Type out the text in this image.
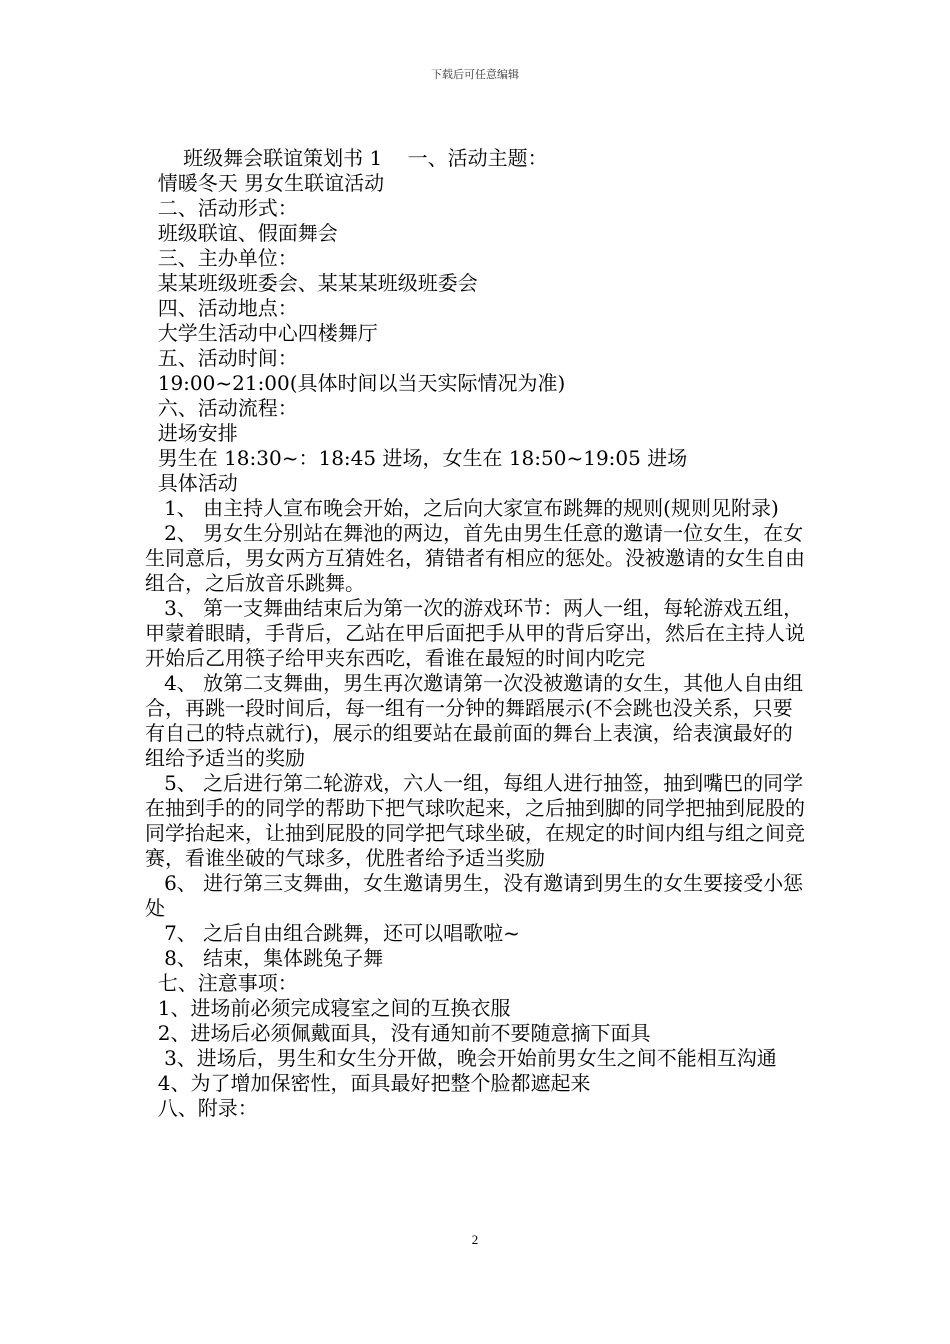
下载后可任意编辑

班级舞会联谊策划书 1    一、活动主题：

情暖冬天 男女生联谊活动

二、活动形式：

班级联谊、假面舞会

三、主办单位：

某某班级班委会、某某某班级班委会

四、活动地点：

大学生活动中心四楼舞厅

五、活动时间：

19:00~21:00(具体时间以当天实际情况为准)

六、活动流程：

进场安排

男生在 18:30~：18:45 进场，女生在 18:50~19:05 进场

具体活动

1、 由主持人宣布晚会开始，之后向大家宣布跳舞的规则(规则见附录)

2、 男女生分别站在舞池的两边，首先由男生任意的邀请一位女生，在女生同意后，男女两方互猜姓名，猜错者有相应的惩处。没被邀请的女生自由组合，之后放音乐跳舞。

3、 第一支舞曲结束后为第一次的游戏环节：两人一组，每轮游戏五组，甲蒙着眼睛，手背后，乙站在甲后面把手从甲的背后穿出，然后在主持人说开始后乙用筷子给甲夹东西吃，看谁在最短的时间内吃完

4、 放第二支舞曲，男生再次邀请第一次没被邀请的女生，其他人自由组合，再跳一段时间后，每一组有一分钟的舞蹈展示(不会跳也没关系，只要有自己的特点就行)，展示的组要站在最前面的舞台上表演，给表演最好的组给予适当的奖励

5、 之后进行第二轮游戏，六人一组，每组人进行抽签，抽到嘴巴的同学在抽到手的的同学的帮助下把气球吹起来，之后抽到脚的同学把抽到屁股的同学抬起来，让抽到屁股的同学把气球坐破，在规定的时间内组与组之间竞赛，看谁坐破的气球多，优胜者给予适当奖励

6、 进行第三支舞曲，女生邀请男生，没有邀请到男生的女生要接受小惩处

7、 之后自由组合跳舞，还可以唱歌啦~

8、 结束，集体跳兔子舞

七、注意事项：

1、进场前必须完成寝室之间的互换衣服

2、进场后必须佩戴面具，没有通知前不要随意摘下面具

3、进场后，男生和女生分开做，晚会开始前男女生之间不能相互沟通

4、为了增加保密性，面具最好把整个脸都遮起来

八、附录：

2
